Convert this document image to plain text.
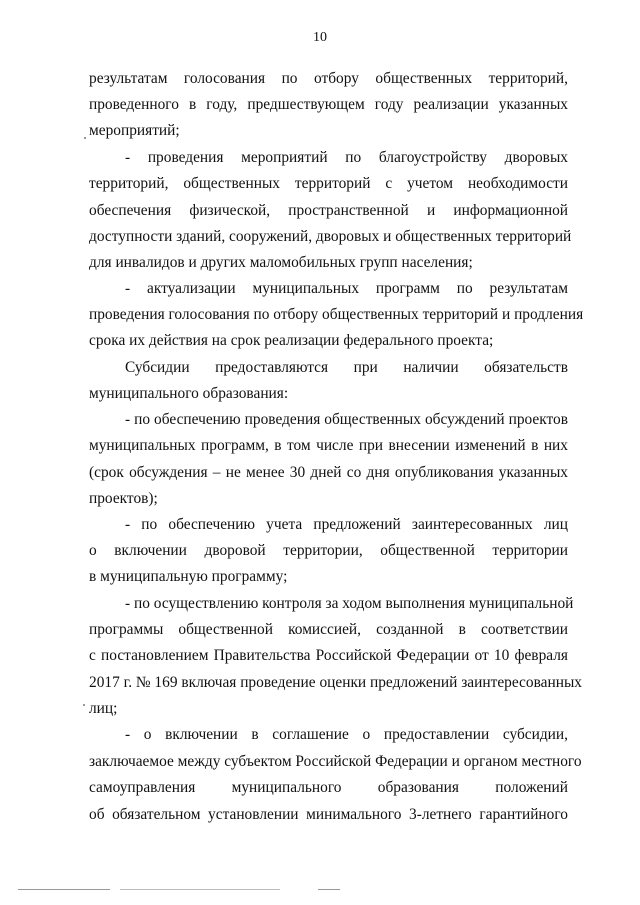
10
результатам голосования по отбору общественных территорий,
проведенного в году, предшествующем году реализации указанных
мероприятий;
- проведения мероприятий по благоустройству дворовых
территорий, общественных территорий с учетом необходимости
обеспечения физической, пространственной и информационной
доступности зданий, сооружений, дворовых и общественных территорий
для инвалидов и других маломобильных групп населения;
- актуализации муниципальных программ по результатам
проведения голосования по отбору общественных территорий и продления
срока их действия на срок реализации федерального проекта;
Субсидии предоставляются при наличии обязательств
муниципального образования:
- по обеспечению проведения общественных обсуждений проектов
муниципальных программ, в том числе при внесении изменений в них
(срок обсуждения – не менее 30 дней со дня опубликования указанных
проектов);
- по обеспечению учета предложений заинтересованных лиц
о включении дворовой территории, общественной территории
в муниципальную программу;
- по осуществлению контроля за ходом выполнения муниципальной
программы общественной комиссией, созданной в соответствии
с постановлением Правительства Российской Федерации от 10 февраля
2017 г. № 169 включая проведение оценки предложений заинтересованных
лиц;
- о включении в соглашение о предоставлении субсидии,
заключаемое между субъектом Российской Федерации и органом местного
самоуправления муниципального образования положений
об обязательном установлении минимального 3-летнего гарантийного
